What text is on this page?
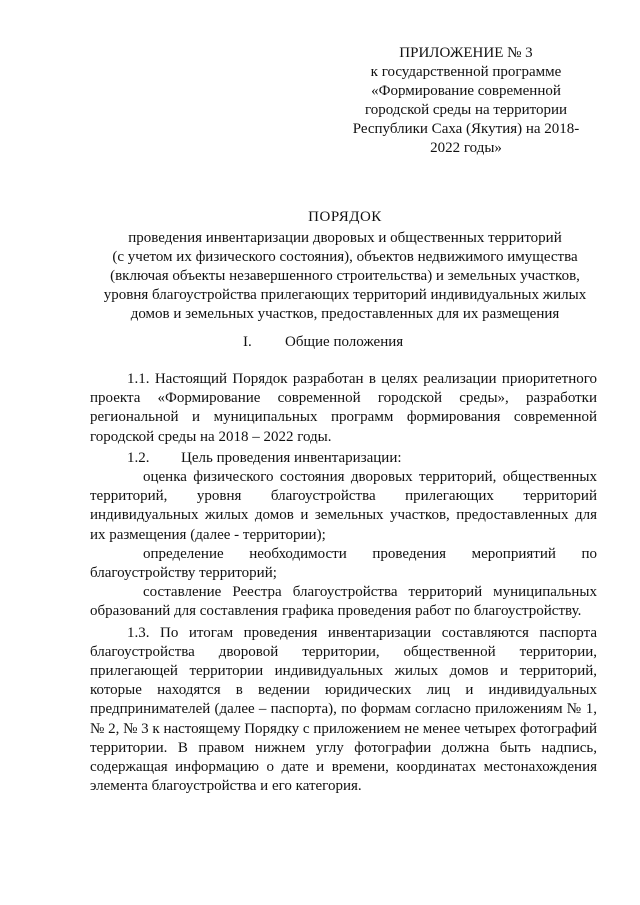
ПРИЛОЖЕНИЕ № 3
к государственной программе
«Формирование современной
городской среды на территории
Республики Саха (Якутия) на 2018-
2022 годы»
ПОРЯДОК
проведения инвентаризации дворовых и общественных территорий
(с учетом их физического состояния), объектов недвижимого имущества
(включая объекты незавершенного строительства) и земельных участков,
уровня благоустройства прилегающих территорий индивидуальных жилых
домов и земельных участков, предоставленных для их размещения
I. Общие положения

1.1. Настоящий Порядок разработан в целях реализации приоритетного проекта «Формирование современной городской среды», разработки региональной и муниципальных программ формирования современной городской среды на 2018 – 2022 годы.

1.2. Цель проведения инвентаризации:

оценка физического состояния дворовых территорий, общественных территорий, уровня благоустройства прилегающих территорий индивидуальных жилых домов и земельных участков, предоставленных для их размещения (далее - территории);

определение необходимости проведения мероприятий по благоустройству территорий;

составление Реестра благоустройства территорий муниципальных образований для составления графика проведения работ по благоустройству.

1.3. По итогам проведения инвентаризации составляются паспорта благоустройства дворовой территории, общественной территории, прилегающей территории индивидуальных жилых домов и территорий, которые находятся в ведении юридических лиц и индивидуальных предпринимателей (далее – паспорта), по формам согласно приложениям № 1, № 2, № 3 к настоящему Порядку с приложением не менее четырех фотографий территории. В правом нижнем углу фотографии должна быть надпись, содержащая информацию о дате и времени, координатах местонахождения элемента благоустройства и его категория.
